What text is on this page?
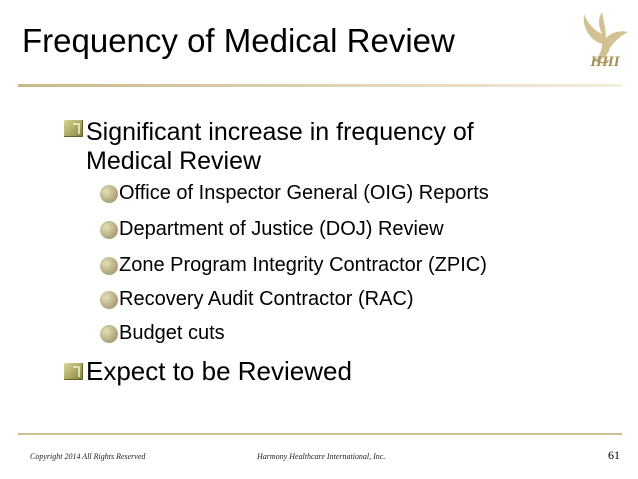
Frequency of Medical Review
HHI
Significant increase in frequency of Medical Review
Office of Inspector General (OIG) Reports
Department of Justice (DOJ) Review
Zone Program Integrity Contractor (ZPIC)
Recovery Audit Contractor (RAC)
Budget cuts
Expect to be Reviewed
Copyright 2014 All Rights Reserved	Harmony Healthcare International, Inc.	61
